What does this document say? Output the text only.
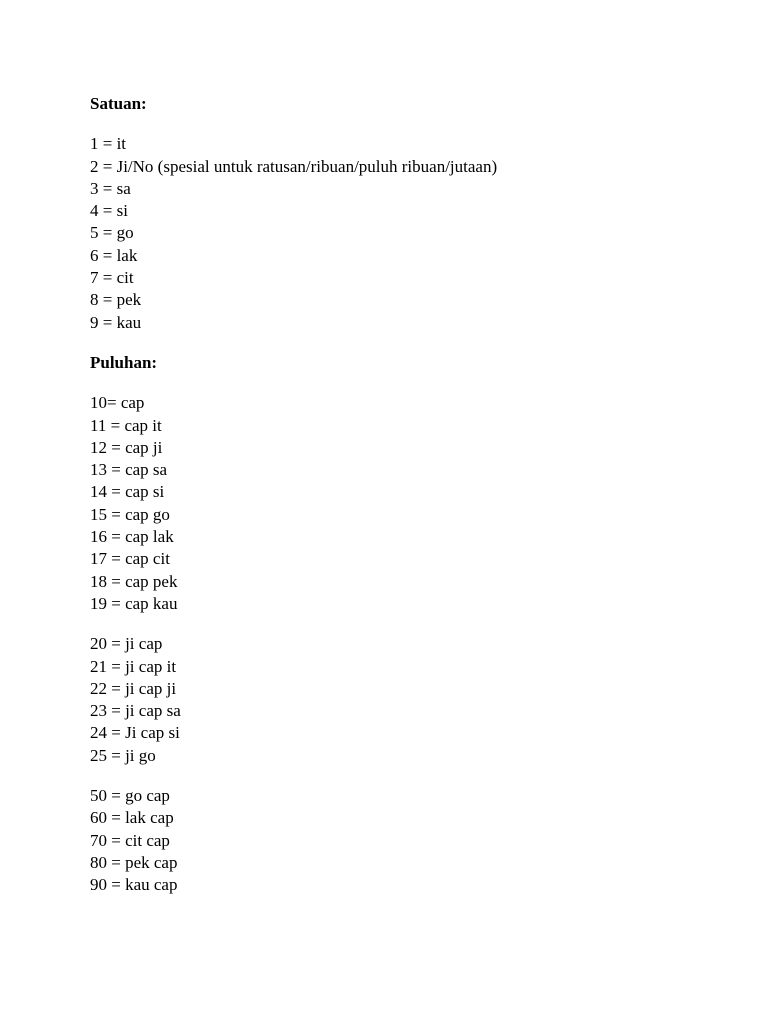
Satuan:
1 = it
2 = Ji/No (spesial untuk ratusan/ribuan/puluh ribuan/jutaan)
3 = sa
4 = si
5 = go
6 = lak
7 = cit
8 = pek
9 = kau
Puluhan:
10= cap
11 = cap it
12 = cap ji
13 = cap sa
14 = cap si
15 = cap go
16 = cap lak
17 = cap cit
18 = cap pek
19 = cap kau
20 = ji cap
21 = ji cap it
22 = ji cap ji
23 = ji cap sa
24 = Ji cap si
25 = ji go
50 = go cap
60 = lak cap
70 = cit cap
80 = pek cap
90 = kau cap
